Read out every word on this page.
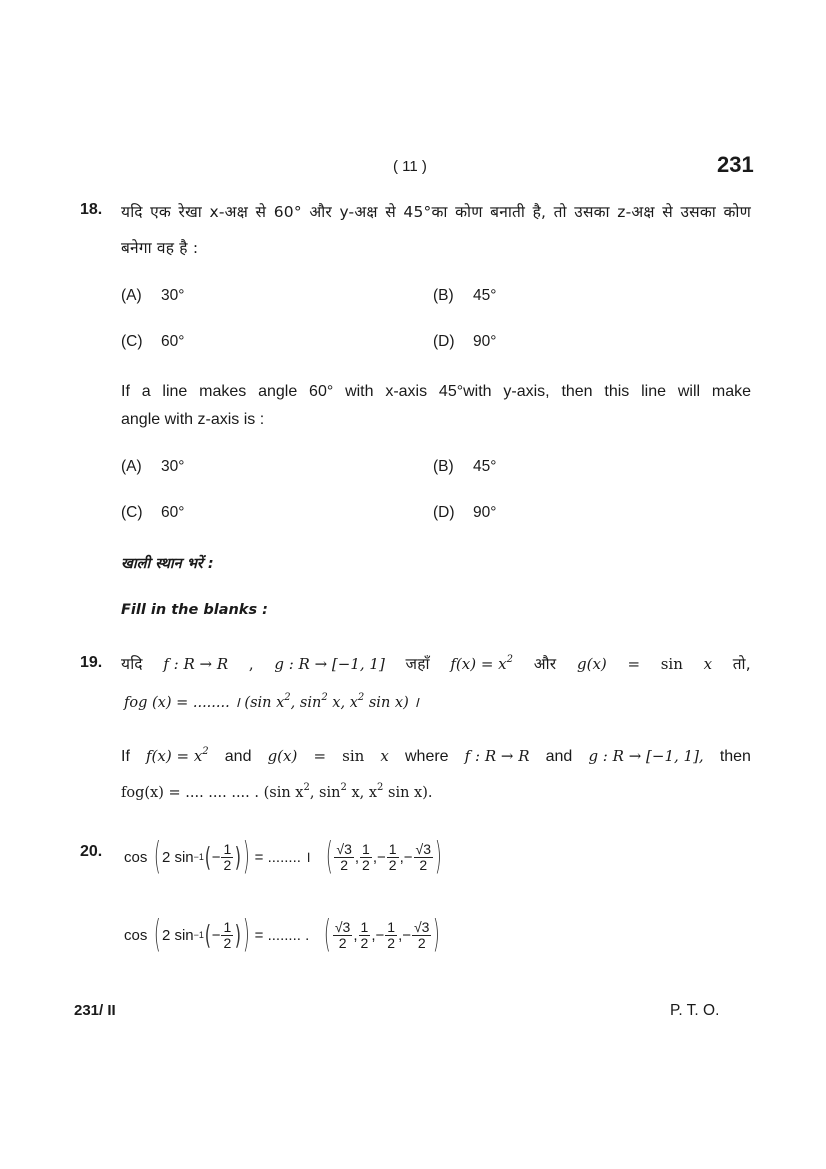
( 11 )	231
18. यदि एक रेखा x-अक्ष से 60° और y-अक्ष से 45°का कोण बनाती है, तो उसका z-अक्ष से उसका कोण
बनेगा वह है :
(A) 30°	(B) 45°
(C) 60°	(D) 90°
If a line makes angle 60° with x-axis 45°with y-axis, then this line will make
angle with z-axis is :
(A) 30°	(B) 45°
(C) 60°	(D) 90°
खाली स्थान भरें :
Fill in the blanks :
19. यदि f : R → R , g : R → [−1, 1] जहाँ $f(x) = x^2$ और g(x) = sin x तो,
fog (x) = ........ । (sin $x^2$, $\sin^2 x$, $x^2$ sin x) ।
If $f(x) = x^2$ and g(x) = sin x where f : R → R and g : R → [−1, 1], then
fog(x) = .... .... .... . (sin $x^2$, $\sin^2 x$, $x^2$ sin x).
20. cos ( 2 sin −1 ( − $\frac{1}{2}$ ) ) = ........ । ( $\frac{√3}{2}$ , $\frac{1}{2}$ ,− $\frac{1}{2}$ ,− $\frac{√3}{2}$ )
cos ( 2 sin −1 ( − $\frac{1}{2}$ ) ) = ........ . ( $\frac{√3}{2}$ , $\frac{1}{2}$ ,− $\frac{1}{2}$ ,− $\frac{√3}{2}$ )
231/ II	P. T. O.
